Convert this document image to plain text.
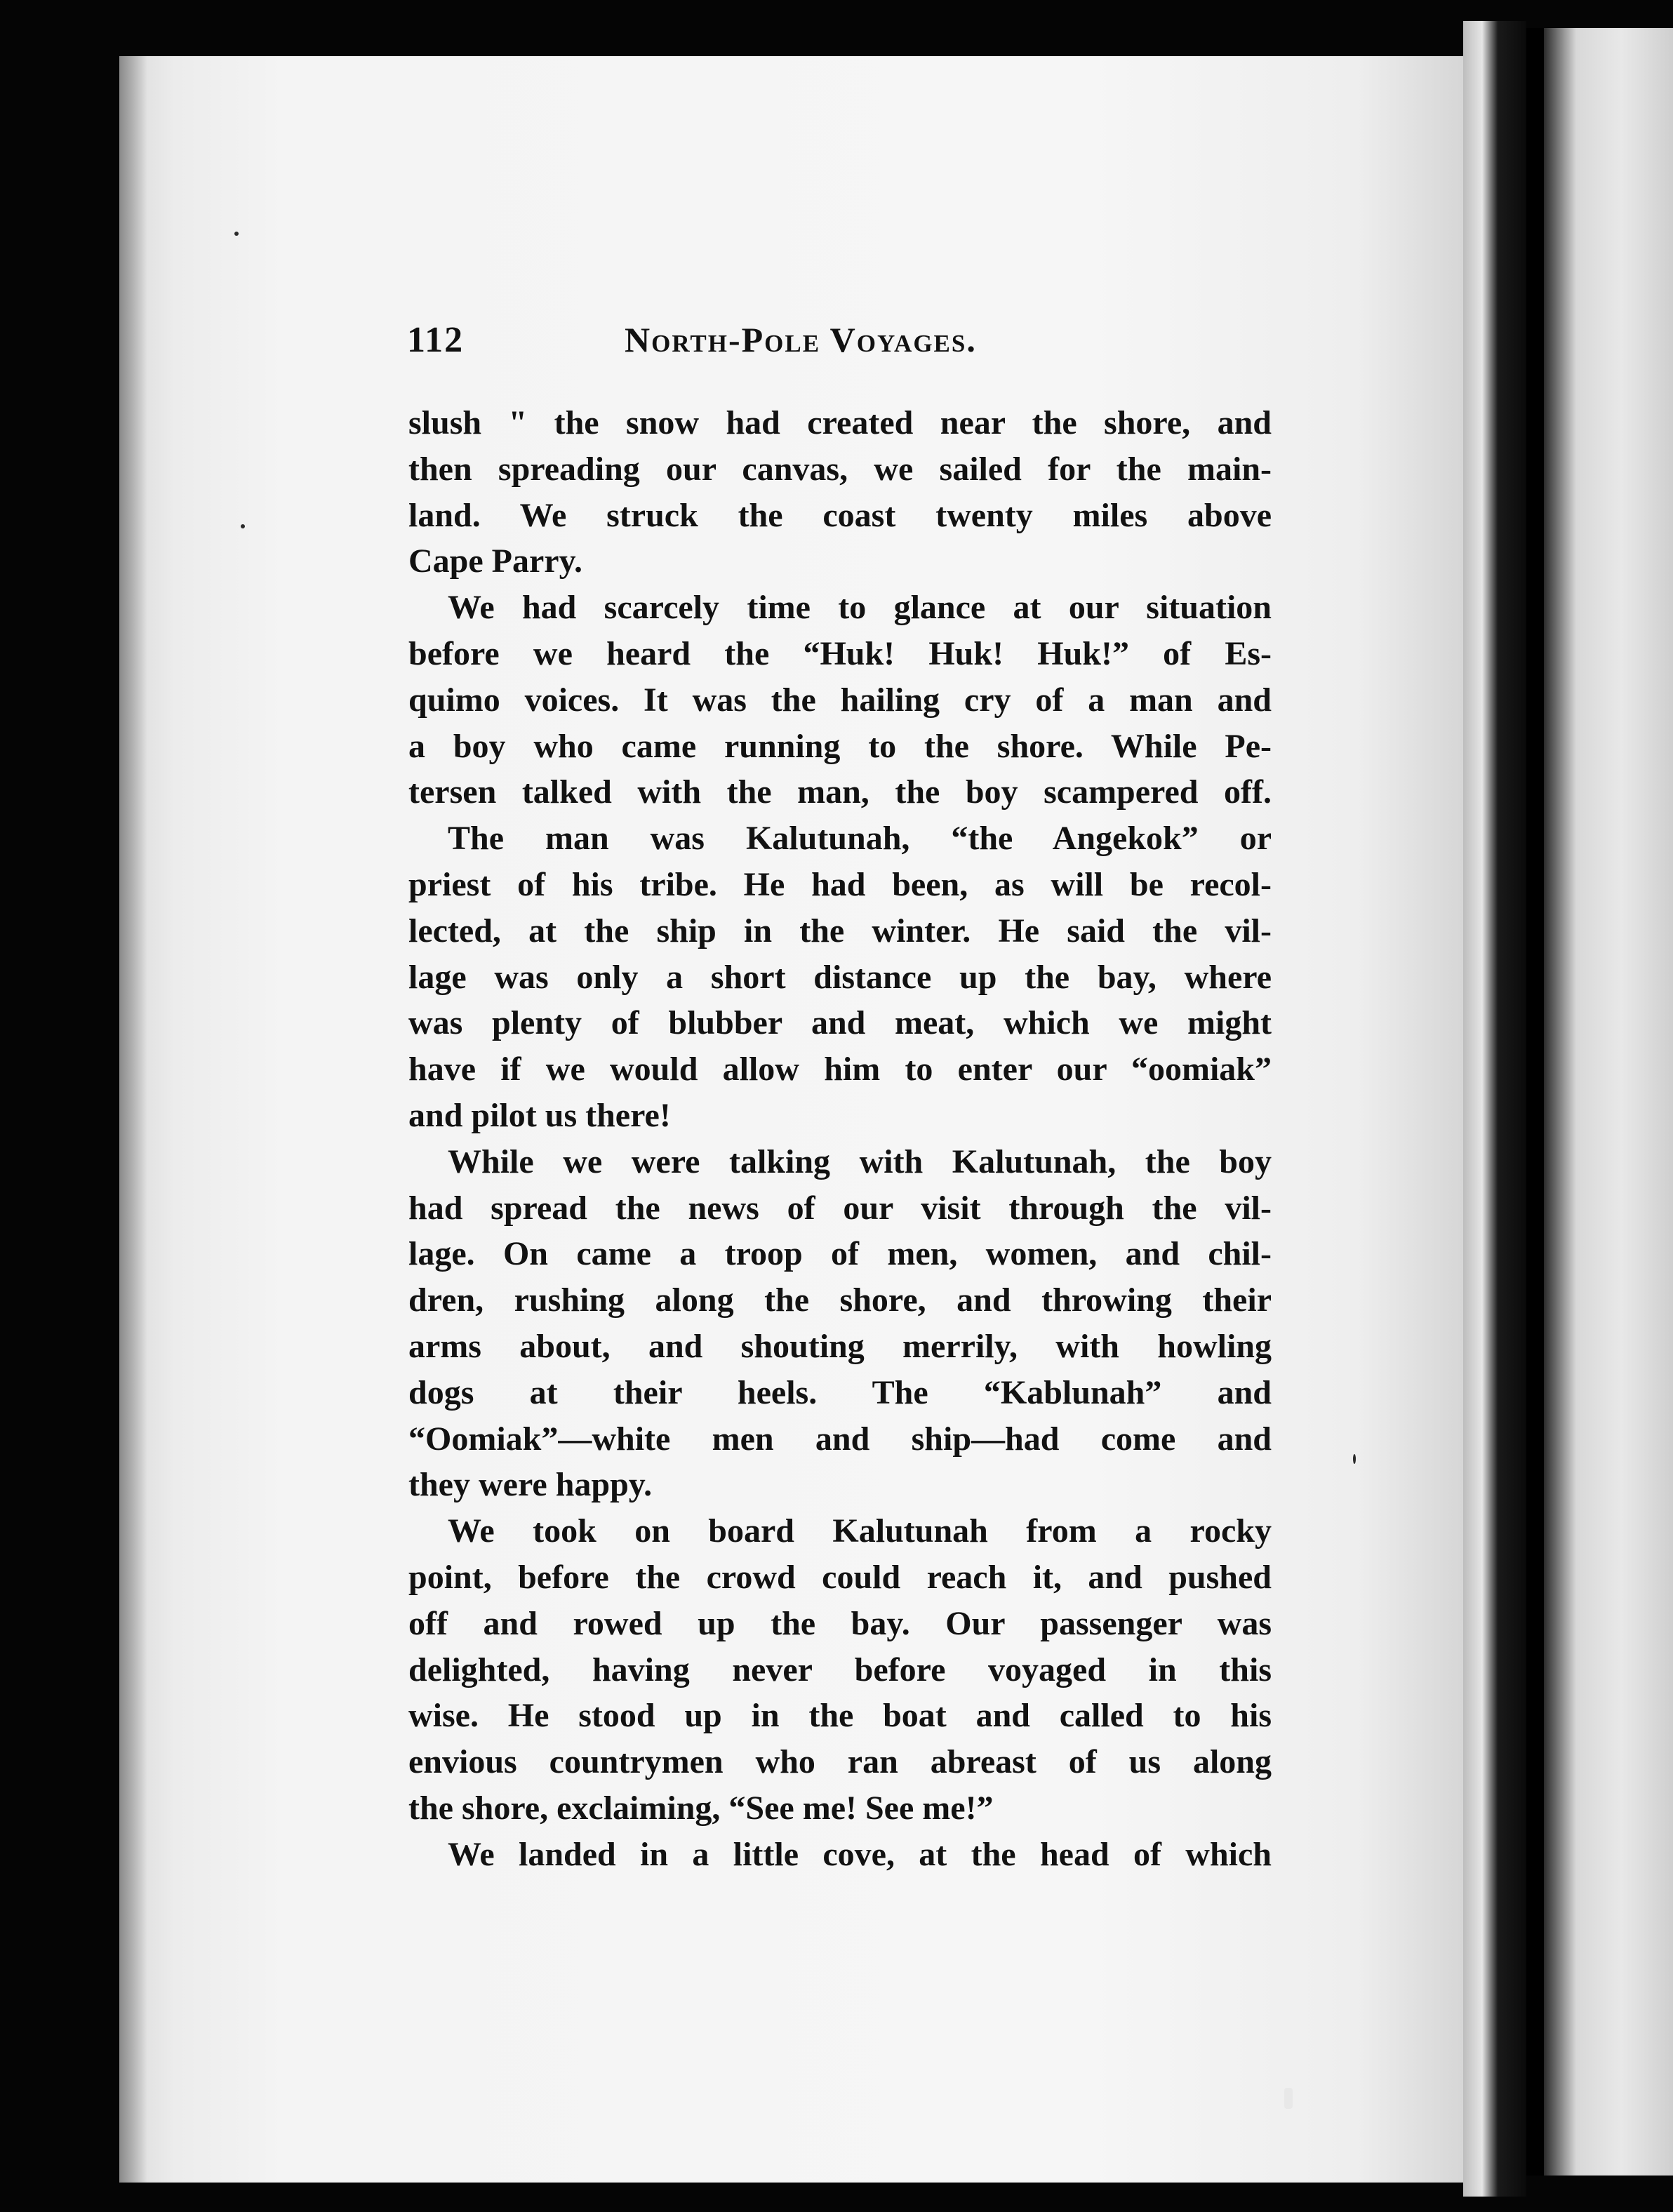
112	North-Pole Voyages.
slush " the snow had created near the shore, and
then spreading our canvas, we sailed for the main-
land. We struck the coast twenty miles above
Cape Parry.
We had scarcely time to glance at our situation
before we heard the “Huk! Huk! Huk!” of Es-
quimo voices. It was the hailing cry of a man and
a boy who came running to the shore. While Pe-
tersen talked with the man, the boy scampered off.
The man was Kalutunah, “the Angekok” or
priest of his tribe. He had been, as will be recol-
lected, at the ship in the winter. He said the vil-
lage was only a short distance up the bay, where
was plenty of blubber and meat, which we might
have if we would allow him to enter our “oomiak”
and pilot us there!
While we were talking with Kalutunah, the boy
had spread the news of our visit through the vil-
lage. On came a troop of men, women, and chil-
dren, rushing along the shore, and throwing their
arms about, and shouting merrily, with howling
dogs at their heels. The “Kablunah” and
“Oomiak”—white men and ship—had come and
they were happy.
We took on board Kalutunah from a rocky
point, before the crowd could reach it, and pushed
off and rowed up the bay. Our passenger was
delighted, having never before voyaged in this
wise. He stood up in the boat and called to his
envious countrymen who ran abreast of us along
the shore, exclaiming, “See me! See me!”
We landed in a little cove, at the head of which
